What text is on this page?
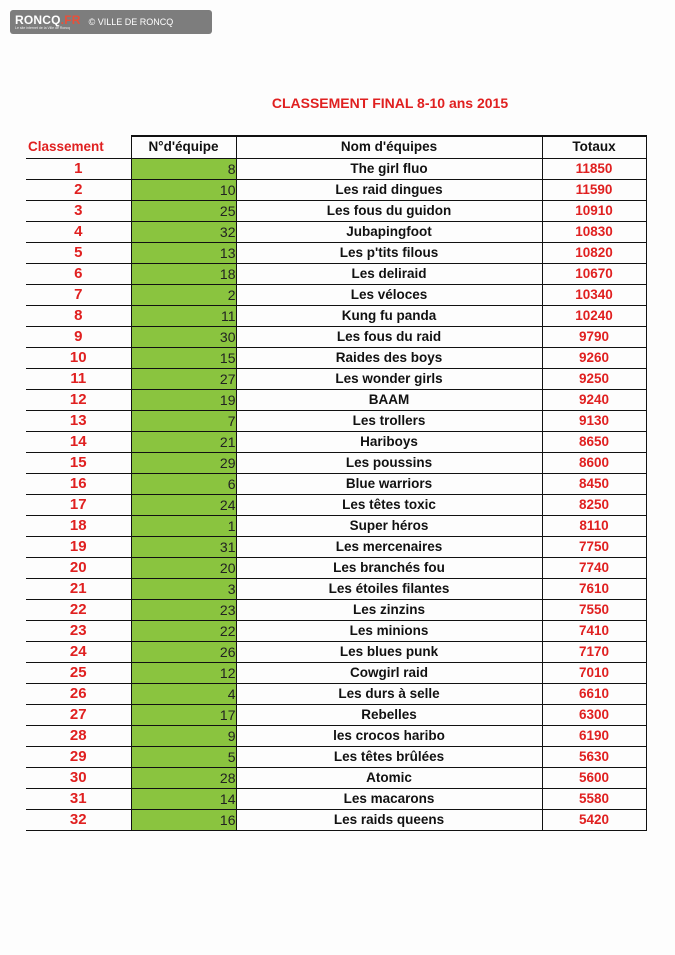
RONCQ.FR
Le site internet de la Ville de Roncq
© VILLE DE RONCQ
CLASSEMENT FINAL 8-10 ans 2015
Classement	N°d'équipe	Nom d'équipes	Totaux
1	8	The girl fluo	11850
2	10	Les raid dingues	11590
3	25	Les fous du guidon	10910
4	32	Jubapingfoot	10830
5	13	Les p'tits filous	10820
6	18	Les deliraid	10670
7	2	Les véloces	10340
8	11	Kung fu panda	10240
9	30	Les fous du raid	9790
10	15	Raides des boys	9260
11	27	Les wonder girls	9250
12	19	BAAM	9240
13	7	Les trollers	9130
14	21	Hariboys	8650
15	29	Les poussins	8600
16	6	Blue warriors	8450
17	24	Les têtes toxic	8250
18	1	Super héros	8110
19	31	Les mercenaires	7750
20	20	Les branchés fou	7740
21	3	Les étoiles filantes	7610
22	23	Les zinzins	7550
23	22	Les minions	7410
24	26	Les blues punk	7170
25	12	Cowgirl raid	7010
26	4	Les durs à selle	6610
27	17	Rebelles	6300
28	9	les crocos haribo	6190
29	5	Les têtes brûlées	5630
30	28	Atomic	5600
31	14	Les macarons	5580
32	16	Les raids queens	5420
